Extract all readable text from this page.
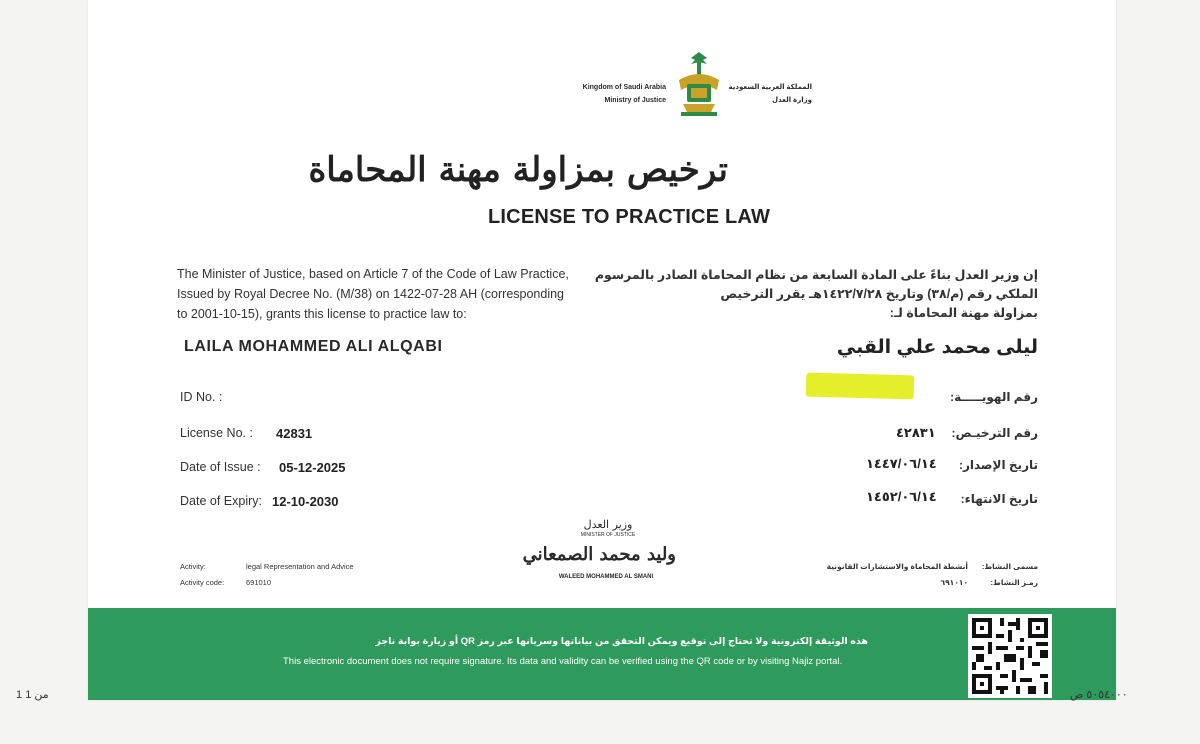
Kingdom of Saudi Arabia
Ministry of Justice
المملكة العربية السعودية
وزارة العدل
ترخيص بمزاولة مهنة المحاماة
LICENSE TO PRACTICE LAW
The Minister of Justice, based on Article 7 of the Code of Law Practice,
Issued by Royal Decree No. (M/38) on 1422-07-28 AH (corresponding
to 2001-10-15), grants this license to practice law to:
إن وزير العدل بناءً على المادة السابعة من نظام المحاماة الصادر بالمرسوم
الملكي رقم (م/٣٨) وتاريخ ١٤٢٢/٧/٢٨هـ يقرر الترخيص
بمزاولة مهنة المحاماة لـ:
LAILA MOHAMMED ALI ALQABI	ليلى محمد علي القبي
ID No. :
License No. : 42831
Date of Issue : 05-12-2025
Date of Expiry: 12-10-2030
رقم الهويـــــة:
رقم الترخيـص:
٤٢٨٣١
تاريخ الإصدار:
١٤٤٧/٠٦/١٤
تاريخ الانتهاء:
١٤٥٢/٠٦/١٤
وزير العدل
MINISTER OF JUSTICE
وليد محمد الصمعاني
WALEED MOHAMMED AL SMANI
Activity:	legal Representation and Advice
Activity code:	691010
مسمى النشاط:
أنشطة المحاماة والاستشارات القانونية
رمـز النشاط:
٦٩١٠١٠
هذه الوثيقة إلكترونية ولا تحتاج إلى توقيع ويمكن التحقق من بياناتها وسريانها عبر رمز QR أو زيارة بوابة ناجز
This electronic document does not require signature. Its data and validity can be verified using the QR code or by visiting Najiz portal.
1 من 1	٥٠٥٤٠٠٠ ص
